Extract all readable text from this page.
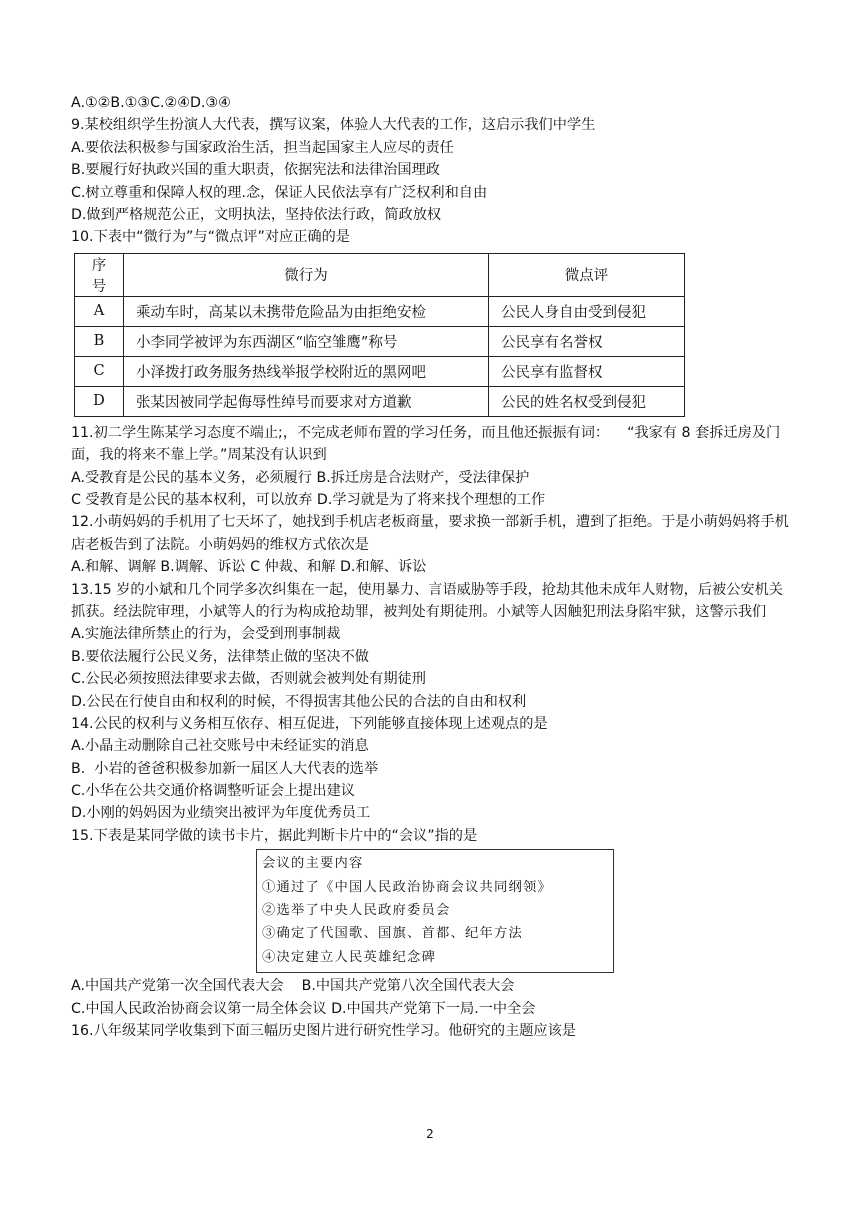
A.①②B.①③C.②④D.③④
9.某校组织学生扮演人大代表，撰写议案，体验人大代表的工作，这启示我们中学生
A.要依法积极参与国家政治生活，担当起国家主人应尽的责任
B.要履行好执政兴国的重大职责，依据宪法和法律治国理政
C.树立尊重和保障人权的理.念，保证人民依法享有广泛权利和自由
D.做到严格规范公正，文明执法，坚持依法行政，简政放权
10.下表中“微行为”与“微点评”对应正确的是
序号	微行为	微点评
A	乘动车时，高某以未携带危险品为由拒绝安检	公民人身自由受到侵犯
B	小李同学被评为东西湖区“临空雏鹰”称号	公民享有名誉权
C	小泽拨打政务服务热线举报学校附近的黑网吧	公民享有监督权
D	张某因被同学起侮辱性绰号而要求对方道歉	公民的姓名权受到侵犯
11.初二学生陈某学习态度不端止;，不完成老师布置的学习任务，而且他还振振有词：    “我家有 8 套拆迁房及门面，我的将来不靠上学。”周某没有认识到
A.受教育是公民的基本义务，必须履行 B.拆迁房是合法财产，受法律保护
C 受教育是公民的基本权利，可以放弃 D.学习就是为了将来找个理想的工作
12.小萌妈妈的手机用了七天坏了，她找到手机店老板商量，要求换一部新手机，遭到了拒绝。于是小萌妈妈将手机店老板告到了法院。小萌妈妈的维权方式依次是
A.和解、调解 B.调解、诉讼 C 仲裁、和解 D.和解、诉讼
13.15 岁的小斌和几个同学多次纠集在一起，使用暴力、言语威胁等手段，抢劫其他未成年人财物，后被公安机关抓获。经法院审理，小斌等人的行为构成抢劫罪，被判处有期徒刑。小斌等人因触犯刑法身陷牢狱，这警示我们
A.实施法律所禁止的行为，会受到刑事制裁
B.要依法履行公民义务，法律禁止做的坚决不做
C.公民必须按照法律要求去做，否则就会被判处有期徒刑
D.公民在行使自由和权利的时候，不得损害其他公民的合法的自由和权利
14.公民的权利与义务相互依存、相互促进，下列能够直接体现上述观点的是
A.小晶主动删除自己社交账号中未经证实的消息
B.  小岩的爸爸积极参加新一届区人大代表的选举
C.小华在公共交通价格调整听证会上提出建议
D.小刚的妈妈因为业绩突出被评为年度优秀员工
15.下表是某同学做的读书卡片，据此判断卡片中的“会议”指的是
会议的主要内容
①通过了《中国人民政治协商会议共同纲领》
②选举了中央人民政府委员会
③确定了代国歌、国旗、首都、纪年方法
④决定建立人民英雄纪念碑
A.中国共产党第一次全国代表大会    B.中国共产党第八次全国代表大会
C.中国人民政治协商会议第一局全体会议 D.中国共产党第下一局.一中全会
16.八年级某同学收集到下面三幅历史图片进行研究性学习。他研究的主题应该是
2
